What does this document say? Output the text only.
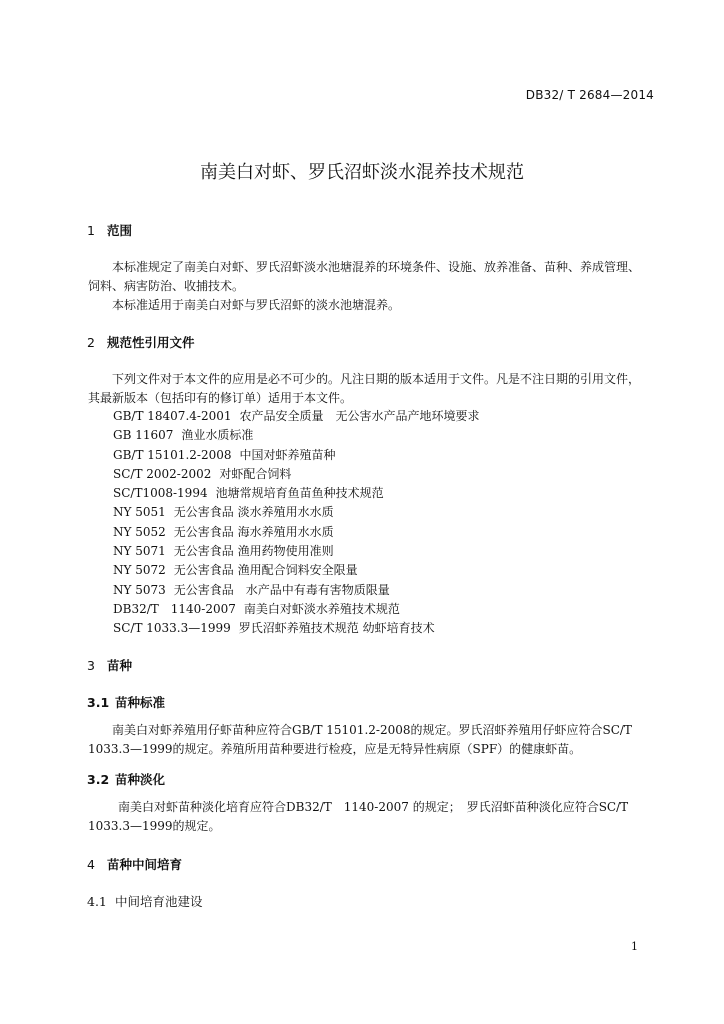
DB32/ T 2684—2014
南美白对虾、罗氏沼虾淡水混养技术规范
1 范围
本标准规定了南美白对虾、罗氏沼虾淡水池塘混养的环境条件、设施、放养准备、苗种、养成管理、
饲料、病害防治、收捕技术。
本标准适用于南美白对虾与罗氏沼虾的淡水池塘混养。
2 规范性引用文件
下列文件对于本文件的应用是必不可少的。凡注日期的版本适用于文件。凡是不注日期的引用文件，
其最新版本（包括印有的修订单）适用于本文件。
GB/T 18407.4-2001 农产品安全质量　无公害水产品产地环境要求
GB 11607 渔业水质标准
GB/T 15101.2-2008 中国对虾养殖苗种
SC/T 2002-2002 对虾配合饲料
SC/T1008-1994 池塘常规培育鱼苗鱼种技术规范
NY 5051 无公害食品 淡水养殖用水水质
NY 5052 无公害食品 海水养殖用水水质
NY 5071 无公害食品 渔用药物使用准则
NY 5072 无公害食品 渔用配合饲料安全限量
NY 5073 无公害食品　水产品中有毒有害物质限量
DB32/T　1140-2007 南美白对虾淡水养殖技术规范
SC/T 1033.3—1999 罗氏沼虾养殖技术规范 幼虾培育技术
3 苗种
3.1 苗种标准
南美白对虾养殖用仔虾苗种应符合GB/T 15101.2-2008的规定。罗氏沼虾养殖用仔虾应符合SC/T
1033.3—1999的规定。养殖所用苗种要进行检疫，应是无特异性病原（SPF）的健康虾苗。
3.2 苗种淡化
南美白对虾苗种淡化培育应符合DB32/T　1140-2007 的规定；　罗氏沼虾苗种淡化应符合SC/T
1033.3—1999的规定。
4 苗种中间培育
4.1 中间培育池建设
1
